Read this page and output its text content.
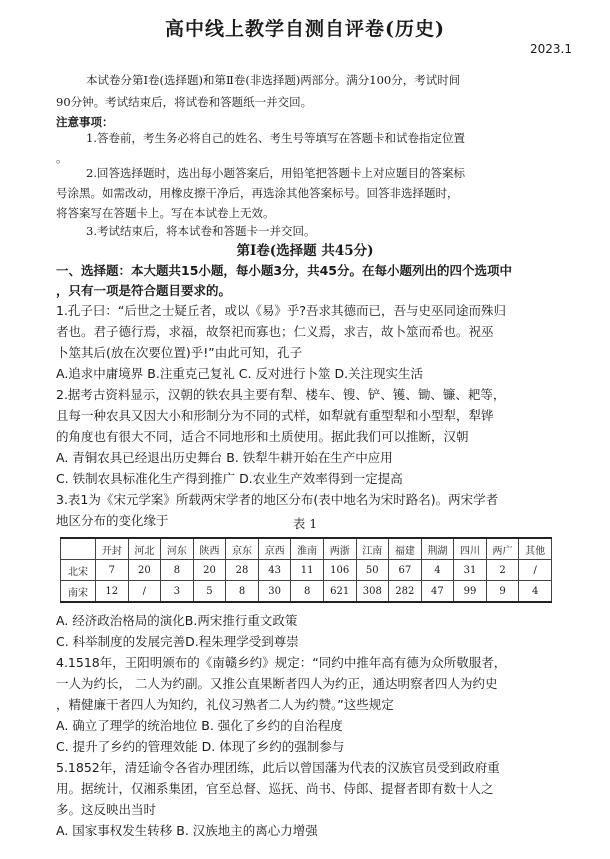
高中线上教学自测自评卷(历史)
2023.1
本试卷分第Ⅰ卷(选择题)和第Ⅱ卷(非选择题)两部分。满分100分，考试时间
90分钟。考试结束后，将试卷和答题纸一并交回。
注意事项：
1.答卷前，考生务必将自己的姓名、考生号等填写在答题卡和试卷指定位置
。
2.回答选择题时，选出每小题答案后，用铅笔把答题卡上对应题目的答案标
号涂黑。如需改动，用橡皮擦干净后，再选涂其他答案标号。回答非选择题时，
将答案写在答题卡上。写在本试卷上无效。
3.考试结束后，将本试卷和答题卡一并交回。
第Ⅰ卷(选择题 共45分)
一、选择题：本大题共15小题，每小题3分，共45分。在每小题列出的四个选项中
，只有一项是符合题目要求的。
1.孔子曰：“后世之士疑丘者，或以《易》乎?吾求其德而已，吾与史巫同途而殊归
者也。君子德行焉，求福，故祭祀而寡也；仁义焉，求吉，故卜筮而希也。祝巫
卜筮其后(放在次要位置)乎!”由此可知，孔子
A.追求中庸境界 B.注重克己复礼 C. 反对进行卜筮 D.关注现实生活
2.据考古资料显示，汉朝的铁农具主要有犁、楼车、锼、铲、镬、锄、镰、耙等，
且每一种农具又因大小和形制分为不同的式样，如犁就有重型犁和小型犁，犁铧
的角度也有很大不同，适合不同地形和土质使用。据此我们可以推断，汉朝
A. 青铜农具已经退出历史舞台 B. 铁犁牛耕开始在生产中应用
C. 铁制农具标准化生产得到推广 D.农业生产效率得到一定提高
3.表1为《宋元学案》所载两宋学者的地区分布(表中地名为宋时路名)。两宋学者
地区分布的变化缘于	表 1
	开封	河北	河东	陕西	京东	京西	淮南	两浙	江南	福建	荆湖	四川	两广	其他
北宋	7	20	8	20	28	43	11	106	50	67	4	31	2	/
南宋	12	/	3	5	8	30	8	621	308	282	47	99	9	4
A. 经济政治格局的演化B.两宋推行重文政策
C. 科举制度的发展完善D.程朱理学受到尊崇
4.1518年，王阳明颁布的《南赣乡约》规定：“同约中推年高有德为众所敬服者，
一人为约长， 二人为约副。又推公直果断者四人为约正，通达明察者四人为约史
，精健廉干者四人为知约，礼仪习熟者二人为约赞。”这些规定
A. 确立了理学的统治地位 B. 强化了乡约的自治程度
C. 提升了乡约的管理效能 D. 体现了乡约的强制参与
5.1852年，清廷谕令各省办理团练，此后以曾国藩为代表的汉族官员受到政府重
用。据统计，仅湘系集团，官至总督、巡抚、尚书、侍郎、提督者即有数十人之
多。这反映出当时
A. 国家事权发生转移 B. 汉族地主的离心力增强
